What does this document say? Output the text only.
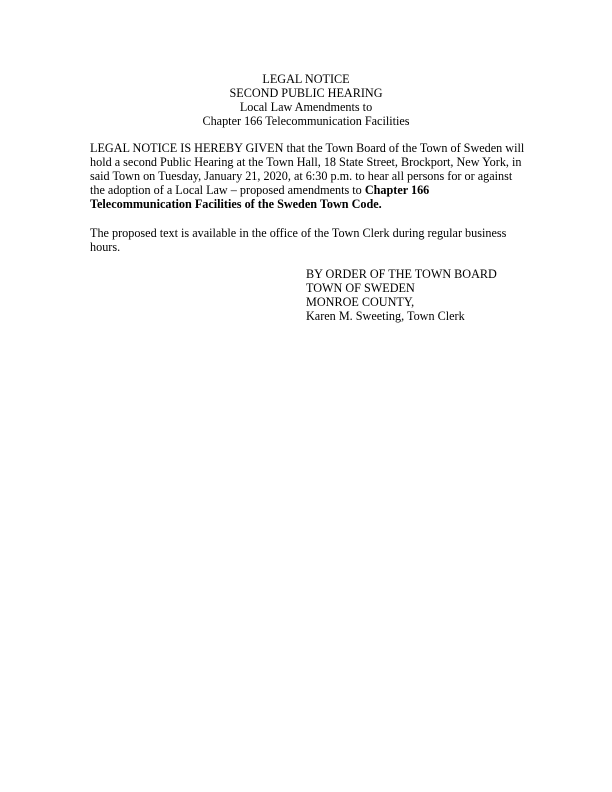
LEGAL NOTICE
SECOND PUBLIC HEARING
Local Law Amendments to
Chapter 166 Telecommunication Facilities

LEGAL NOTICE IS HEREBY GIVEN that the Town Board of the Town of Sweden will
hold a second Public Hearing at the Town Hall, 18 State Street, Brockport, New York, in
said Town on Tuesday, January 21, 2020, at 6:30 p.m. to hear all persons for or against
the adoption of a Local Law – proposed amendments to Chapter 166
Telecommunication Facilities of the Sweden Town Code.

The proposed text is available in the office of the Town Clerk during regular business
hours.

BY ORDER OF THE TOWN BOARD
TOWN OF SWEDEN
MONROE COUNTY,
Karen M. Sweeting, Town Clerk
